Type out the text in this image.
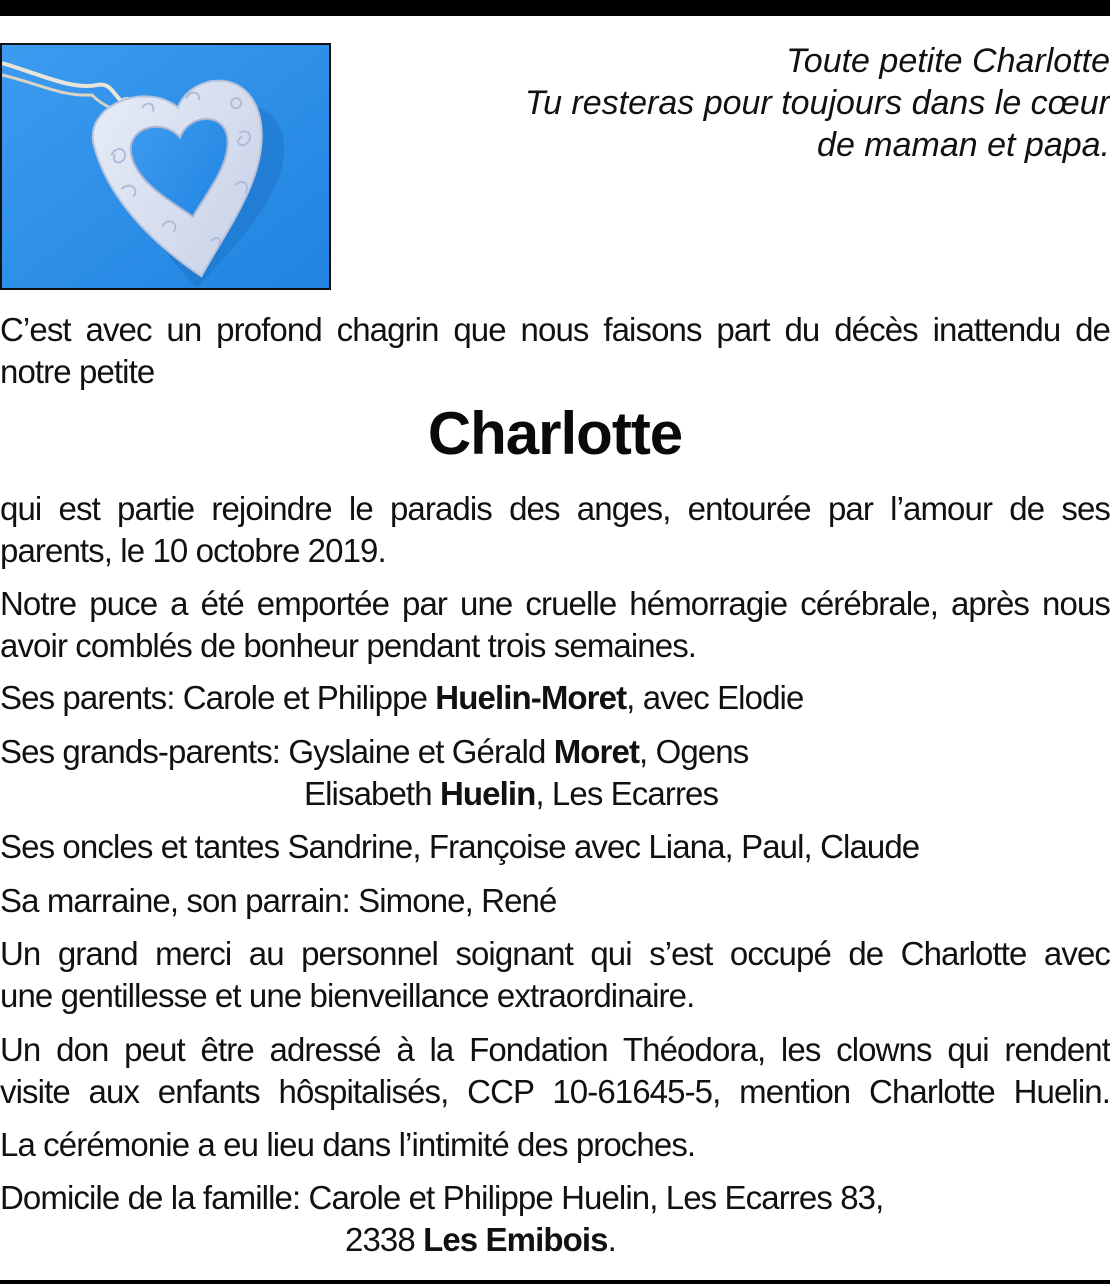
Toute petite Charlotte
Tu resteras pour toujours dans le cœur
de maman et papa.
C’est avec un profond chagrin que nous faisons part du décès inattendu de
notre petite
Charlotte
qui est partie rejoindre le paradis des anges, entourée par l’amour de ses
parents, le 10 octobre 2019.
Notre puce a été emportée par une cruelle hémorragie cérébrale, après nous
avoir comblés de bonheur pendant trois semaines.
Ses parents: Carole et Philippe Huelin-Moret, avec Elodie
Ses grands-parents: Gyslaine et Gérald Moret, Ogens
Elisabeth Huelin, Les Ecarres
Ses oncles et tantes Sandrine, Françoise avec Liana, Paul, Claude
Sa marraine, son parrain: Simone, René
Un grand merci au personnel soignant qui s’est occupé de Charlotte avec
une gentillesse et une bienveillance extraordinaire.
Un don peut être adressé à la Fondation Théodora, les clowns qui rendent
visite aux enfants hôspitalisés, CCP 10-61645-5, mention Charlotte Huelin.
La cérémonie a eu lieu dans l’intimité des proches.
Domicile de la famille: Carole et Philippe Huelin, Les Ecarres 83,
2338 Les Emibois.
